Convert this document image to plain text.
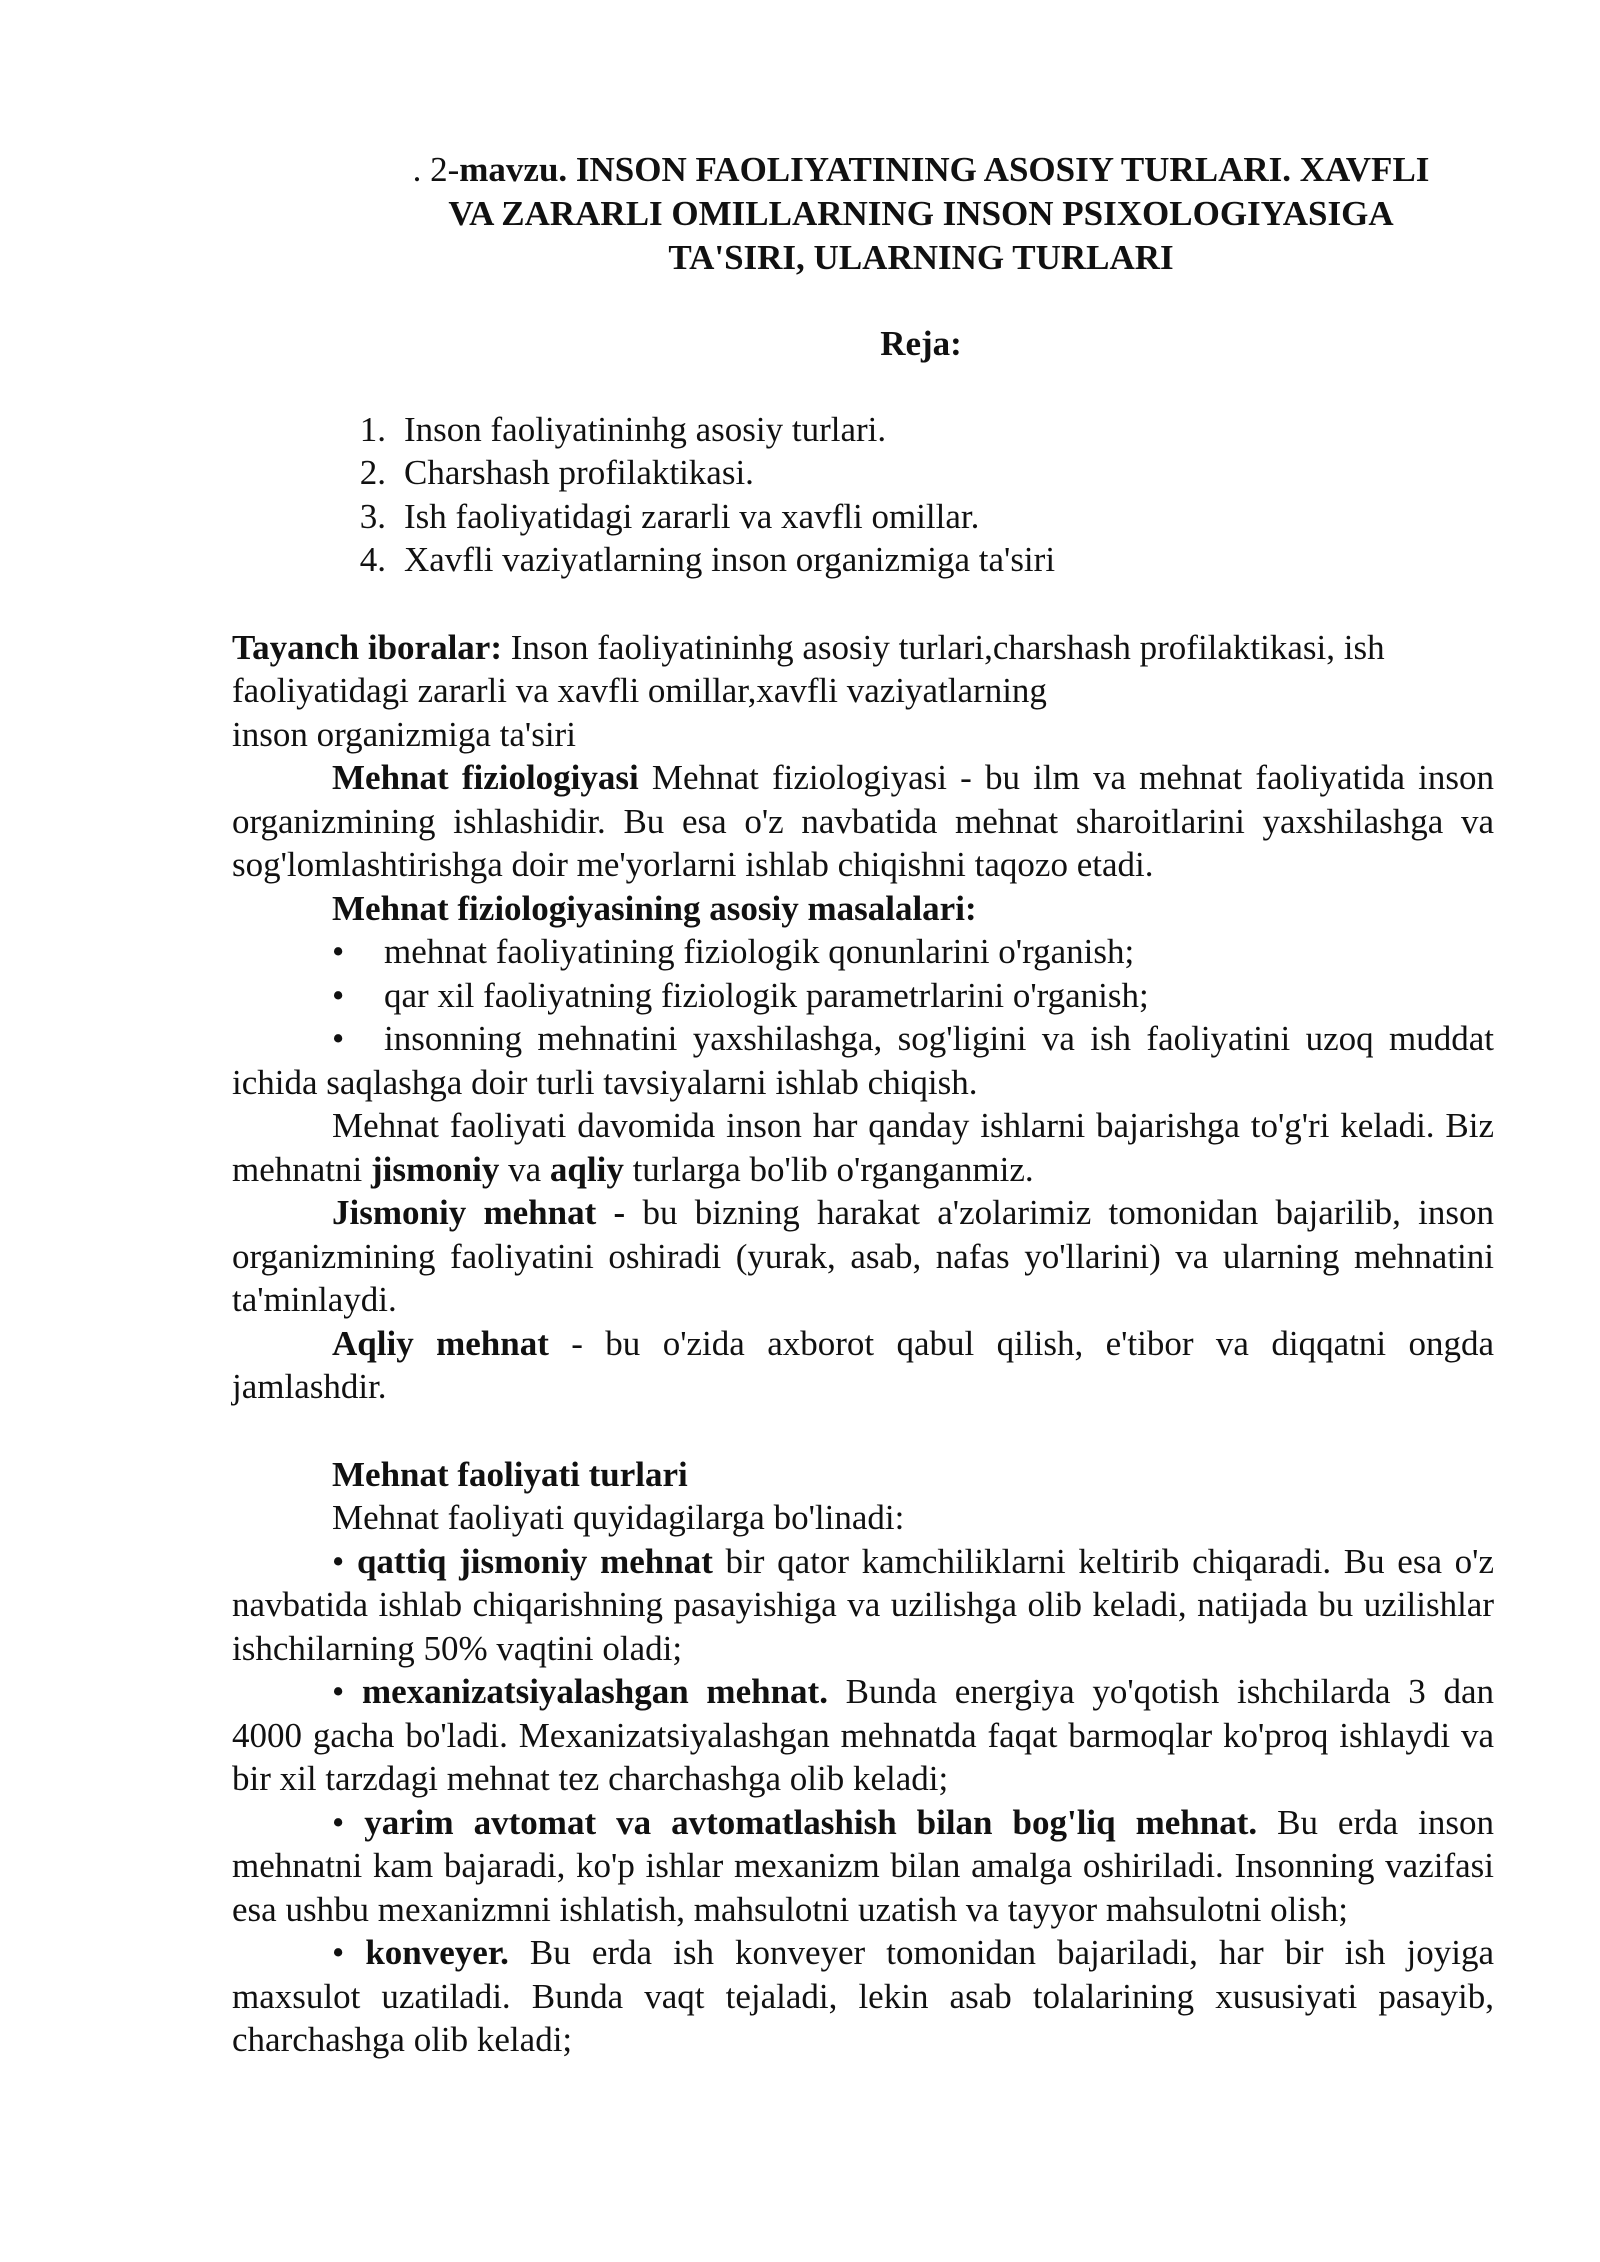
. 2-mavzu. INSON FAOLIYATINING ASOSIY TURLARI. XAVFLI
VA ZARARLI OMILLARNING INSON PSIXOLOGIYASIGA
TA'SIRI, ULARNING TURLARI
Reja:
1. Inson faoliyatininhg asosiy turlari.
2. Charshash profilaktikasi.
3. Ish faoliyatidagi zararli va xavfli omillar.
4. Xavfli vaziyatlarning inson organizmiga ta'siri
Tayanch iboralar: Inson faoliyatininhg asosiy turlari,charshash profilaktikasi, ish faoliyatidagi zararli va xavfli omillar,xavfli vaziyatlarning
inson organizmiga ta'siri
Mehnat fiziologiyasi Mehnat fiziologiyasi - bu ilm va mehnat faoliyatida inson organizmining ishlashidir. Bu esa o'z navbatida mehnat sharoitlarini yaxshilashga va sog'lomlashtirishga doir me'yorlarni ishlab chiqishni taqozo etadi.
Mehnat fiziologiyasining asosiy masalalari:
•	mehnat faoliyatining fiziologik qonunlarini o'rganish;
•	qar xil faoliyatning fiziologik parametrlarini o'rganish;
• insonning mehnatini yaxshilashga, sog'ligini va ish faoliyatini uzoq muddat ichida saqlashga doir turli tavsiyalarni ishlab chiqish.
Mehnat faoliyati davomida inson har qanday ishlarni bajarishga to'g'ri keladi. Biz mehnatni jismoniy va aqliy turlarga bo'lib o'rganganmiz.
Jismoniy mehnat - bu bizning harakat a'zolarimiz tomonidan bajarilib, inson organizmining faoliyatini oshiradi (yurak, asab, nafas yo'llarini) va ularning mehnatini ta'minlaydi.
Aqliy mehnat - bu o'zida axborot qabul qilish, e'tibor va diqqatni ongda jamlashdir.
Mehnat faoliyati turlari
Mehnat faoliyati quyidagilarga bo'linadi:
• qattiq jismoniy mehnat bir qator kamchiliklarni keltirib chiqaradi. Bu esa o'z navbatida ishlab chiqarishning pasayishiga va uzilishga olib keladi, natijada bu uzilishlar ishchilarning 50% vaqtini oladi;
• mexanizatsiyalashgan mehnat. Bunda energiya yo'qotish ishchilarda 3 dan 4000 gacha bo'ladi. Mexanizatsiyalashgan mehnatda faqat barmoqlar ko'proq ishlaydi va bir xil tarzdagi mehnat tez charchashga olib keladi;
• yarim avtomat va avtomatlashish bilan bog'liq mehnat. Bu erda inson mehnatni kam bajaradi, ko'p ishlar mexanizm bilan amalga oshiriladi. Insonning vazifasi esa ushbu mexanizmni ishlatish, mahsulotni uzatish va tayyor mahsulotni olish;
• konveyer. Bu erda ish konveyer tomonidan bajariladi, har bir ish joyiga maxsulot uzatiladi. Bunda vaqt tejaladi, lekin asab tolalarining xususiyati pasayib, charchashga olib keladi;
